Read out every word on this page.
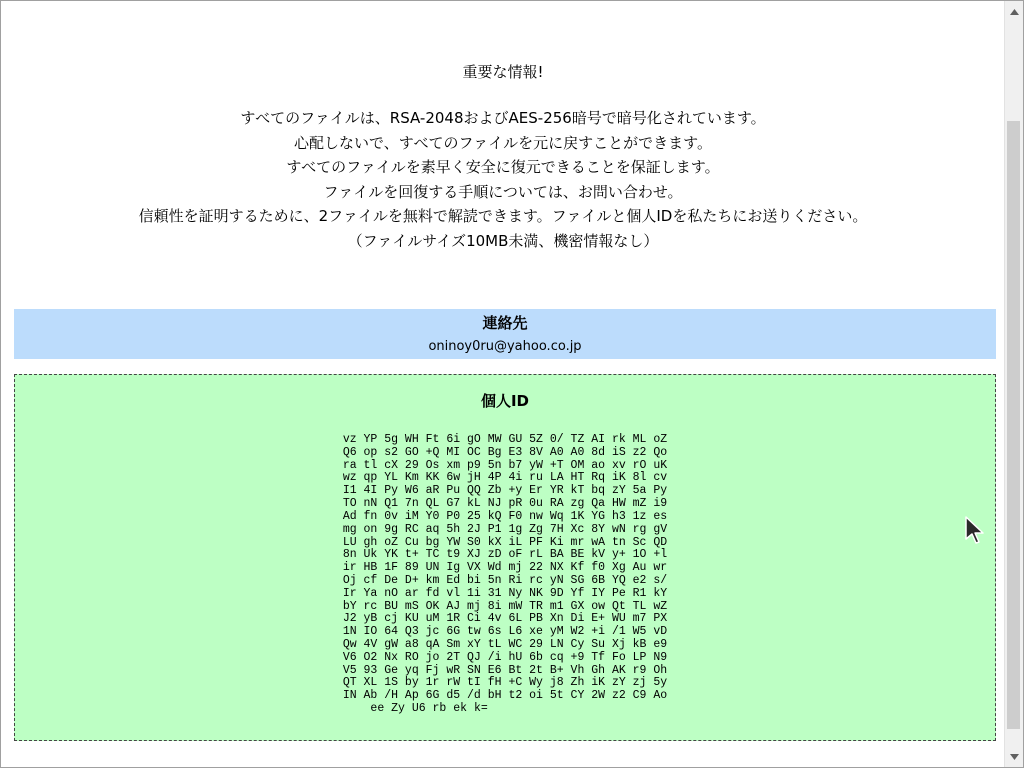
重要な情報!

すべてのファイルは、RSA-2048およびAES-256暗号で暗号化されています。

心配しないで、すべてのファイルを元に戻すことができます。

すべてのファイルを素早く安全に復元できることを保証します。

ファイルを回復する手順については、お問い合わせ。

信頼性を証明するために、2ファイルを無料で解読できます。ファイルと個人IDを私たちにお送りください。

（ファイルサイズ10MB未満、機密情報なし）

連絡先
oninoy0ru@yahoo.co.jp
個人ID
vz YP 5g WH Ft 6i gO MW GU 5Z 0/ TZ AI rk ML oZ
Q6 op s2 GO +Q MI OC Bg E3 8V A0 A0 8d iS z2 Qo
ra tl cX 29 Os xm p9 5n b7 yW +T OM ao xv rO uK
wz qp YL Km KK 6w jH 4P 4i ru LA HT Rq iK 8l cv
I1 4I Py W6 aR Pu QQ Zb +y Er YR kT bq zY 5a Py
TO nN Q1 7n QL G7 kL NJ pR 0u RA zg Qa HW mZ i9
Ad fn 0v iM Y0 P0 25 kQ F0 nw Wq 1K YG h3 1z es
mg on 9g RC aq 5h 2J P1 1g Zg 7H Xc 8Y wN rg gV
LU gh oZ Cu bg YW S0 kX iL PF Ki mr wA tn Sc QD
8n Uk YK t+ TC t9 XJ zD oF rL BA BE kV y+ 1O +l
ir HB 1F 89 UN Ig VX Wd mj 22 NX Kf f0 Xg Au wr
Oj cf De D+ km Ed bi 5n Ri rc yN SG 6B YQ e2 s/
Ir Ya nO ar fd vl 1i 31 Ny NK 9D Yf IY Pe R1 kY
bY rc BU mS OK AJ mj 8i mW TR m1 GX ow Qt TL wZ
J2 yB cj KU uM 1R Ci 4v 6L PB Xn Di E+ WU m7 PX
1N IO 64 Q3 jc 6G tw 6s L6 xe yM W2 +i /1 W5 vD
Qw 4V gW a8 qA Sm xY tL WC 29 LN Cy Su Xj kB e9
V6 O2 Nx RO jo 2T QJ /i hU 6b cq +9 Tf Fo LP N9
V5 93 Ge yq Fj wR SN E6 Bt 2t B+ Vh Gh AK r9 Oh
QT XL 1S by 1r rW tI fH +C Wy j8 Zh iK zY zj 5y
IN Ab /H Ap 6G d5 /d bH t2 oi 5t CY 2W z2 C9 Ao
ee Zy U6 rb ek k=
